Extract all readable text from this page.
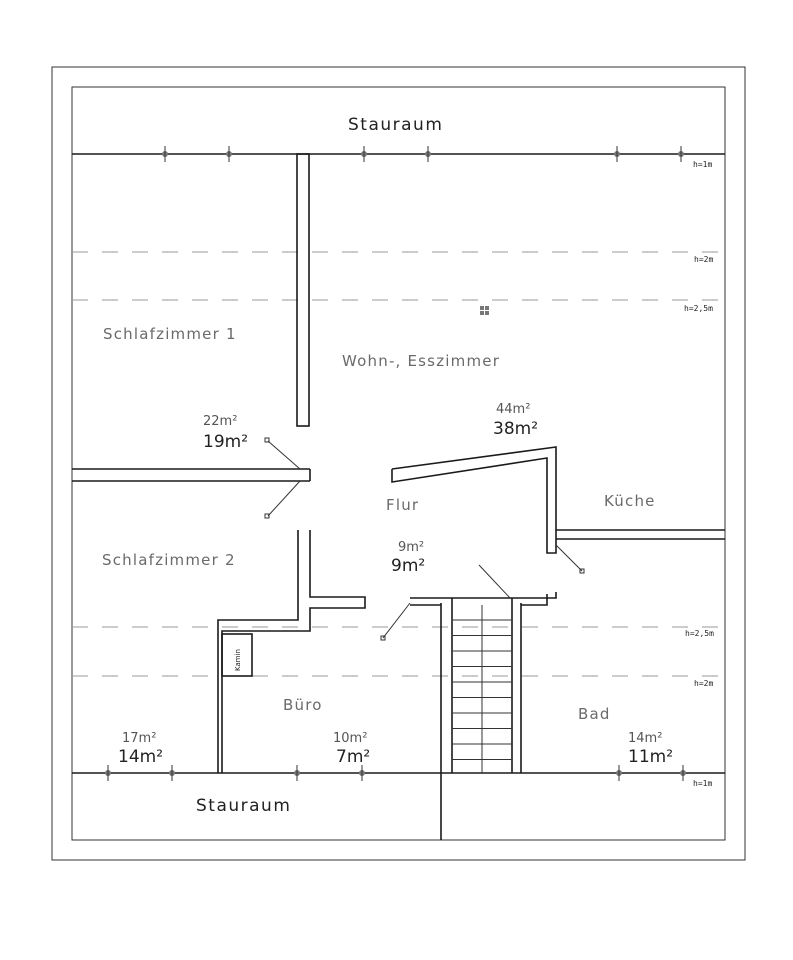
Stauraum
Schlafzimmer 1
Wohn-, Esszimmer
Flur	Küche
Schlafzimmer 2
Büro	Bad
Kamin
Stauraum
22m²
19m²
44m²
38m²
9m²
9m²
17m²
14m²
10m²
7m²
14m²
11m²
h=1m
h=2m
h=2,5m
h=2,5m
h=2m
h=1m
